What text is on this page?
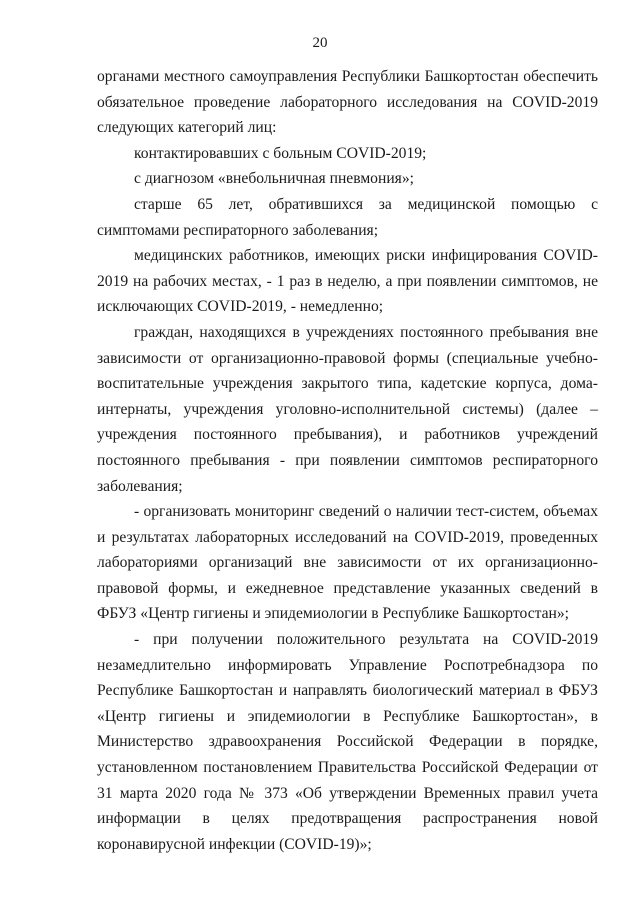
20

органами местного самоуправления Республики Башкортостан обеспечить обязательное проведение лабораторного исследования на COVID-2019 следующих категорий лиц:

контактировавших с больным COVID-2019;

с диагнозом «внебольничная пневмония»;

старше 65 лет, обратившихся за медицинской помощью с симптомами респираторного заболевания;

медицинских работников, имеющих риски инфицирования COVID-2019 на рабочих местах, - 1 раз в неделю, а при появлении симптомов, не исключающих COVID-2019, - немедленно;

граждан, находящихся в учреждениях постоянного пребывания вне зависимости от организационно-правовой формы (специальные учебно-воспитательные учреждения закрытого типа, кадетские корпуса, дома-интернаты, учреждения уголовно-исполнительной системы) (далее – учреждения постоянного пребывания), и работников учреждений постоянного пребывания - при появлении симптомов респираторного заболевания;

- организовать мониторинг сведений о наличии тест-систем, объемах и результатах лабораторных исследований на COVID-2019, проведенных лабораториями организаций вне зависимости от их организационно-правовой формы, и ежедневное представление указанных сведений в ФБУЗ «Центр гигиены и эпидемиологии в Республике Башкортостан»;

- при получении положительного результата на COVID-2019 незамедлительно информировать Управление Роспотребнадзора по Республике Башкортостан и направлять биологический материал в ФБУЗ «Центр гигиены и эпидемиологии в Республике Башкортостан», в Министерство здравоохранения Российской Федерации в порядке, установленном постановлением Правительства Российской Федерации от 31 марта 2020 года № 373 «Об утверждении Временных правил учета информации в целях предотвращения распространения новой коронавирусной инфекции (COVID-19)»;
